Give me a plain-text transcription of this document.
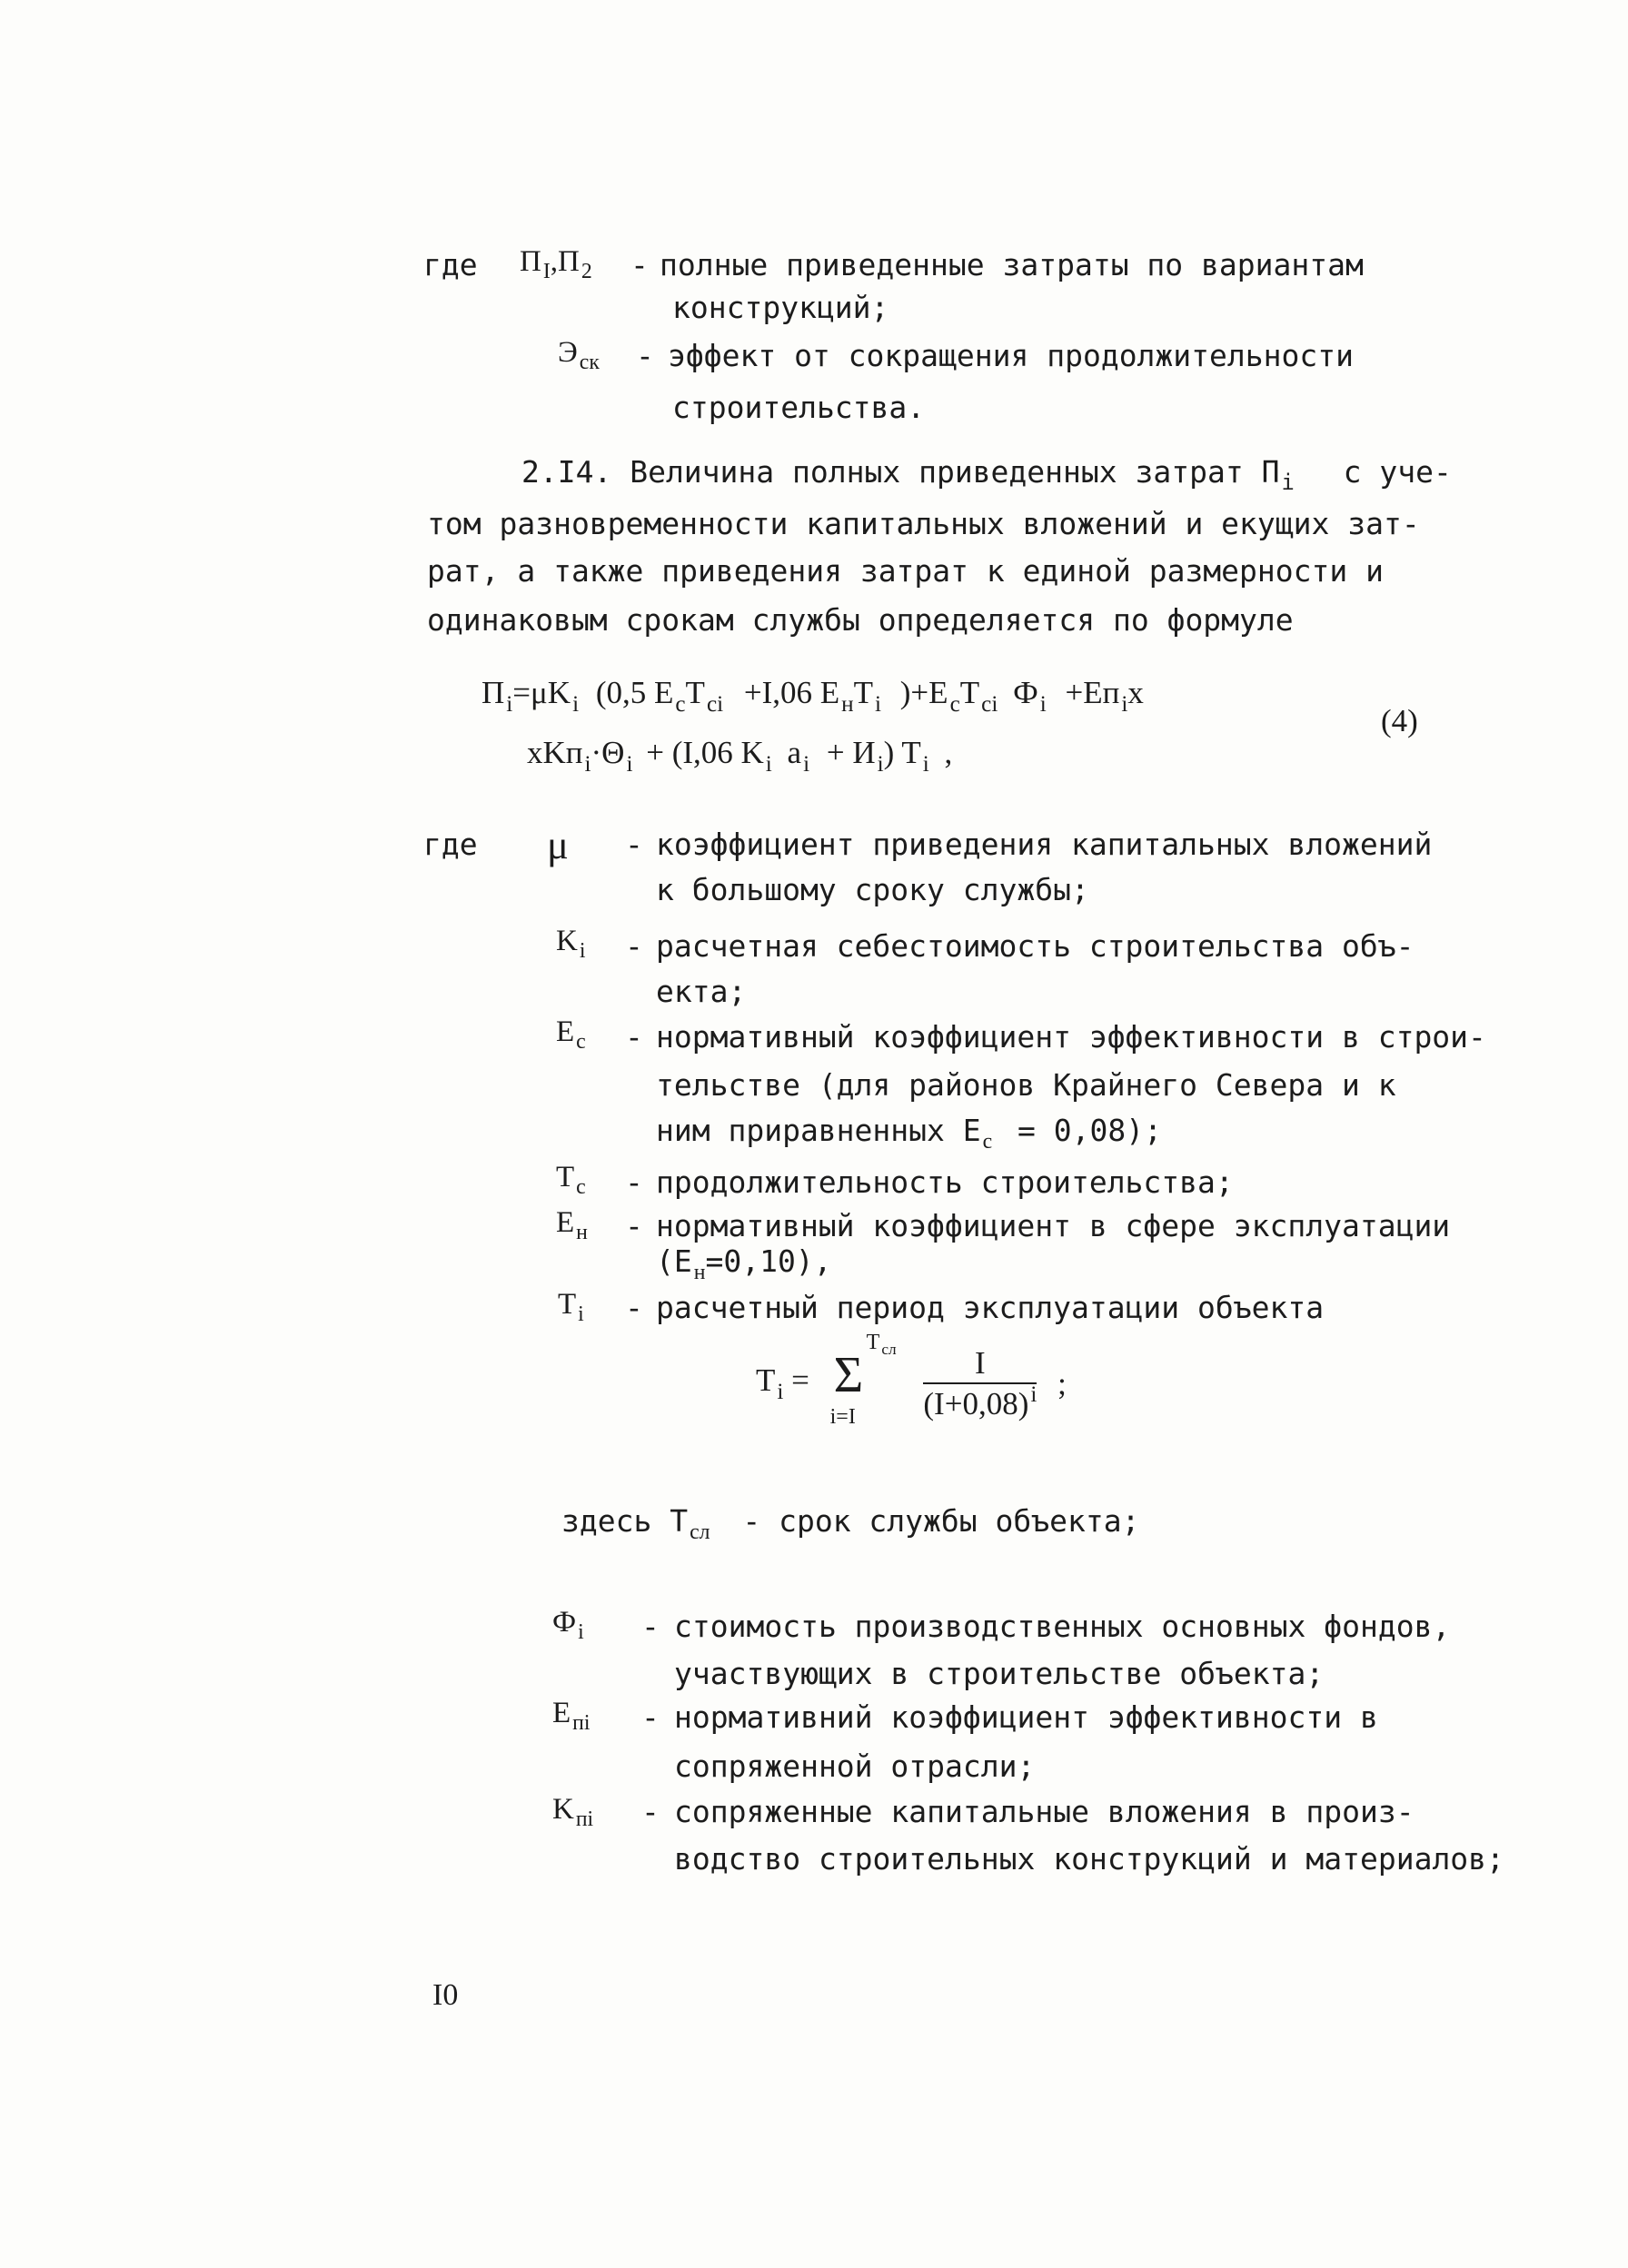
где $П_I,П_2$ - полные приведенные затраты по вариантам
конструкций;
$Э_{ск}$ - эффект от сокращения продолжительности
строительства.
2.I4. Величина полных приведенных затрат $П_i$ с уче-
том разновременности капитальных вложений и екущих зат-
рат, а также приведения затрат к единой размерности и
одинаковым срокам службы определяется по формуле
$П_i=\mu K_i$ (0,5 $E_cT_{ci} +I,06$ $E_нT_i$ )$+E_cT_{ci}$ $Ф_i +Eп_ix$
(4)
$xKп_i\cdot\Theta_i + (I,06$ $K_i$ $a_i + И_i$) $T_i$ ,
где μ - коэффициент приведения капитальных вложений
к большому сроку службы;
$K_i$ - расчетная себестоимость строительства объ-
екта;
$E_c$ - нормативный коэффициент эффективности в строи-
тельстве (для районов Крайнего Севера и к
ним приравненных $E_c = 0,08$);
$T_c$ - продолжительность строительства;
$E_н$ - нормативный коэффициент в сфере эксплуатации
$(E_н=0,10)$,
$T_i$ - расчетный период эксплуатации объекта
$T_i = \Sigma$
T $_{сл}$
i=I
$\frac{I}{(I+0,08)^i}$ ;
здесь $T_{сл}$ - срок службы объекта;
$Ф_i$ - стоимость производственных основных фондов,
участвующих в строительстве объекта;
$E_{пi}$ - нормативний коэффициент эффективности в
сопряженной отрасли;
$K_{пi}$ - сопряженные капитальные вложения в произ-
водство строительных конструкций и материалов;
I0
